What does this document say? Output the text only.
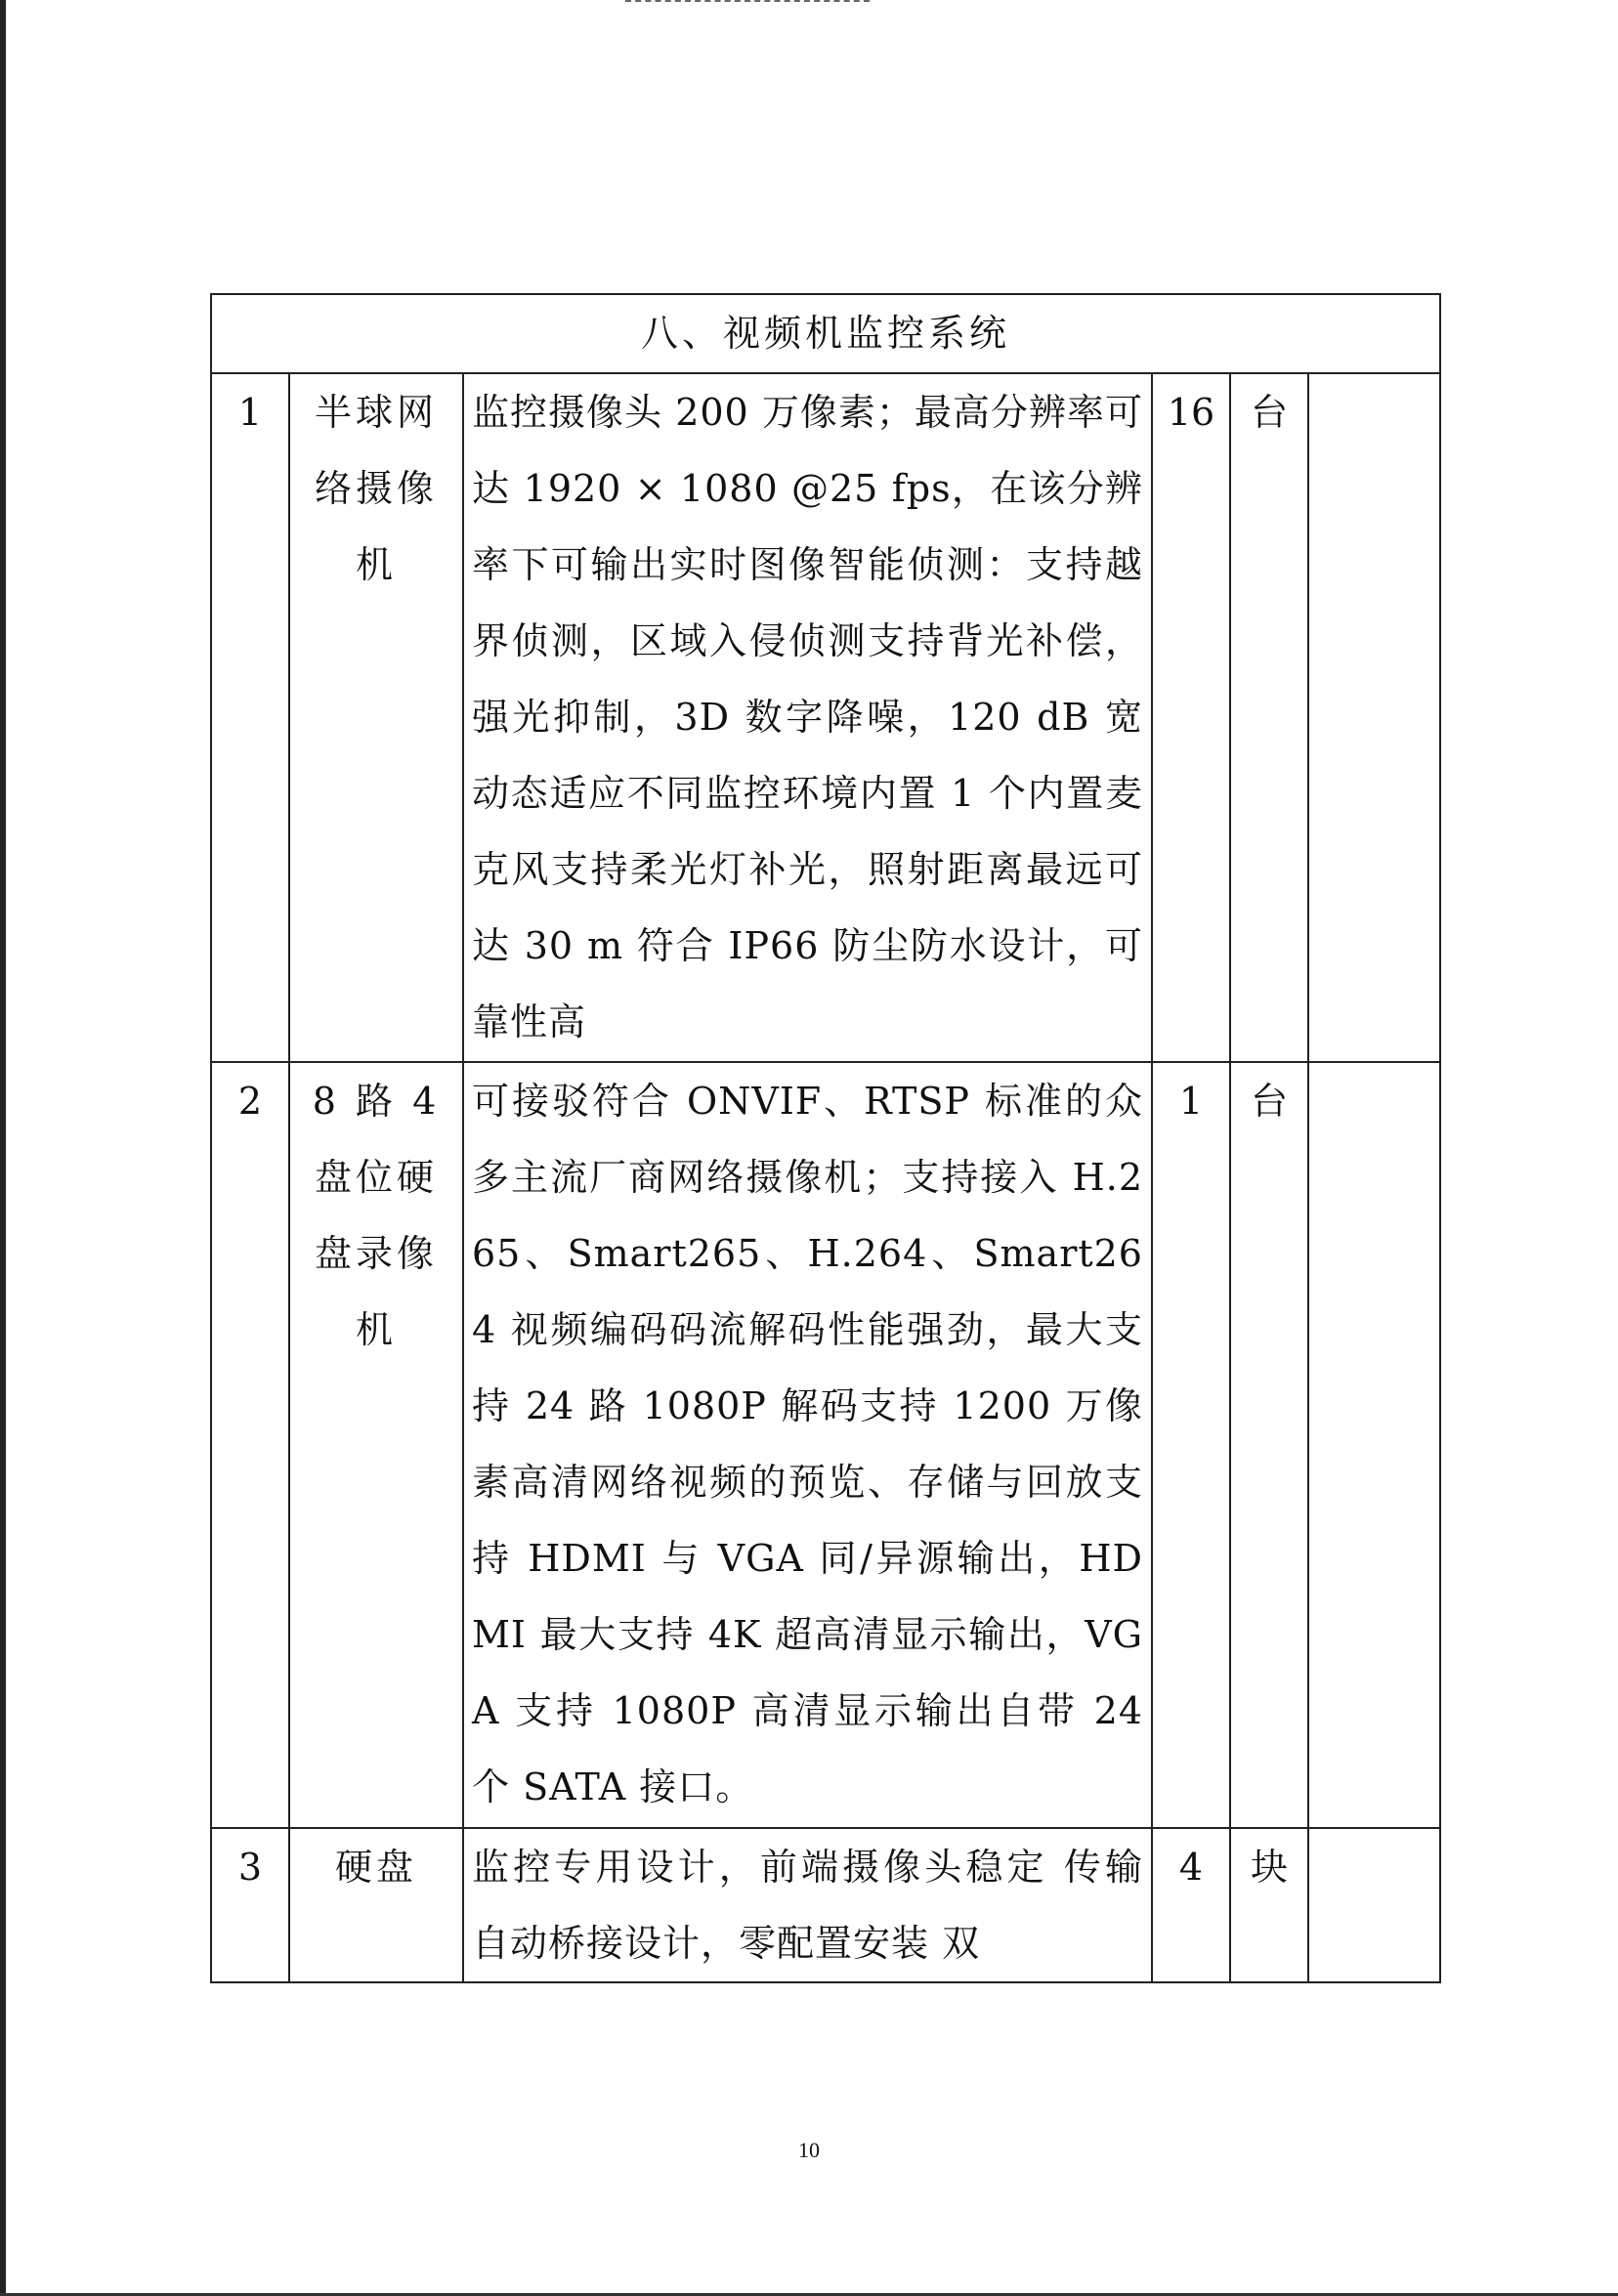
八、视频机监控系统					
1	半球网络摄像机	监控摄像头 200 万像素；最高分辨率可达 1920 × 1080 @25 fps，在该分辨率下可输出实时图像智能侦测：支持越界侦测，区域入侵侦测支持背光补偿，强光抑制，3D 数字降噪，120 dB 宽动态适应不同监控环境内置 1 个内置麦克风支持柔光灯补光，照射距离最远可达 30 m 符合 IP66 防尘防水设计，可靠性高	16	台	
2	8 路 4 盘位硬盘录像机	可接驳符合 ONVIF、RTSP 标准的众多主流厂商网络摄像机；支持接入 H.265、Smart265、H.264、Smart264 视频编码码流解码性能强劲，最大支持 24 路 1080P 解码支持 1200 万像素高清网络视频的预览、存储与回放支持 HDMI 与 VGA 同/异源输出，HDMI 最大支持 4K 超高清显示输出，VGA 支持 1080P 高清显示输出自带 24 个 SATA 接口。	1	台	
3	硬盘	监控专用设计，前端摄像头稳定 传输 自动桥接设计，零配置安装 双	4	块	
10
